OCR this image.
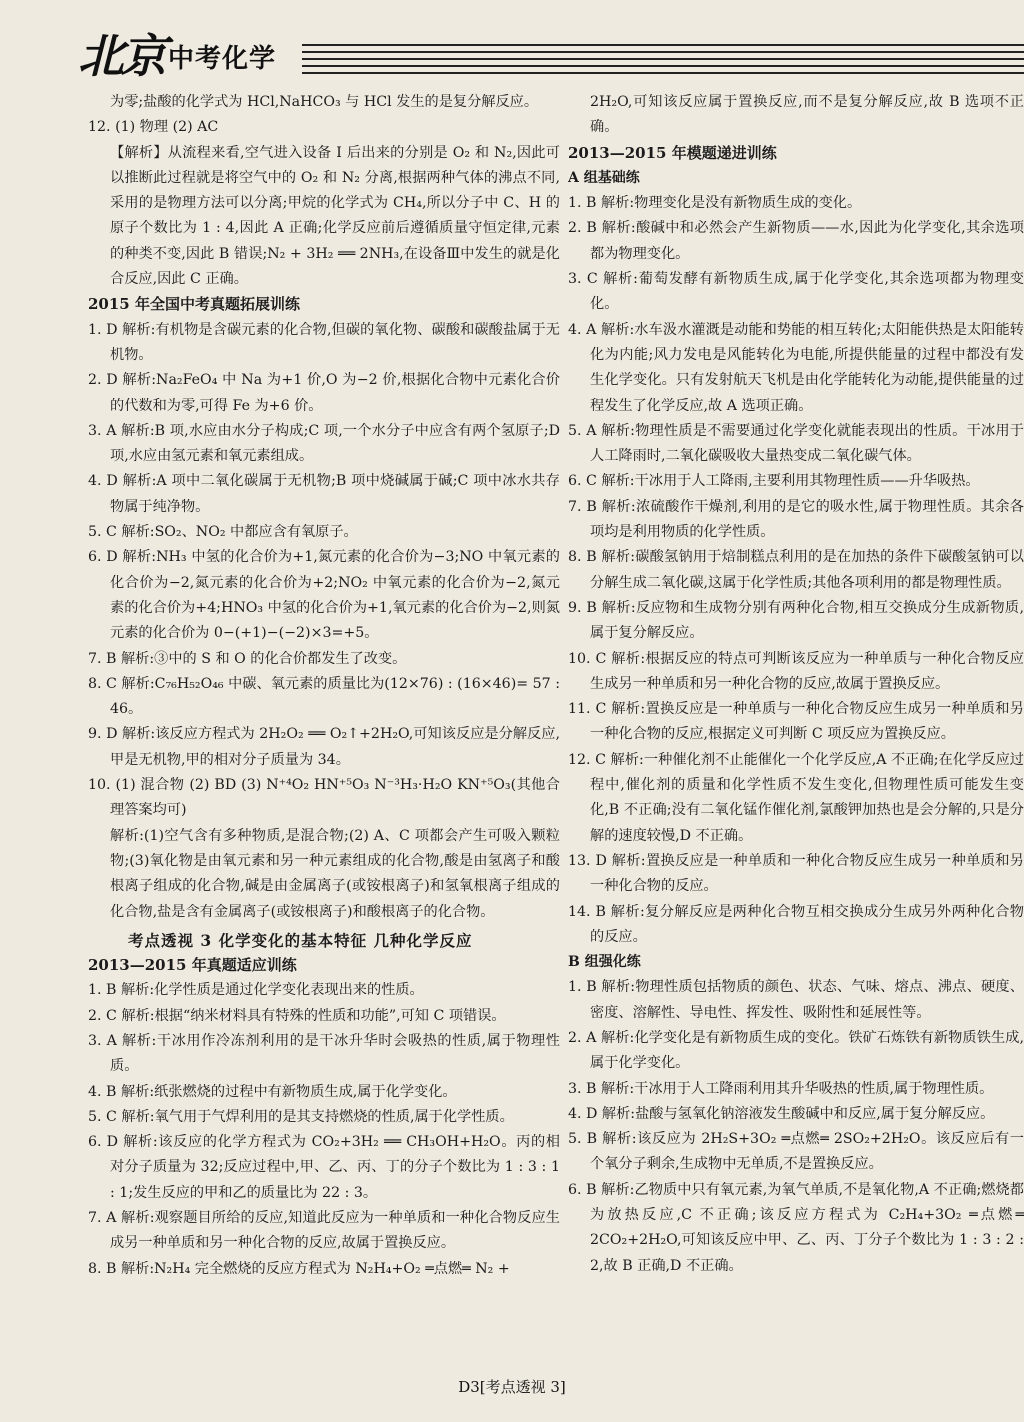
北京 中考化学
为零;盐酸的化学式为 HCl,NaHCO₃ 与 HCl 发生的是复分解反应。
12. (1) 物理 (2) AC
【解析】从流程来看,空气进入设备 Ⅰ 后出来的分别是 O₂ 和 N₂,因此可以推断此过程就是将空气中的 O₂ 和 N₂ 分离,根据两种气体的沸点不同,采用的是物理方法可以分离;甲烷的化学式为 CH₄,所以分子中 C、H 的原子个数比为 1 : 4,因此 A 正确;化学反应前后遵循质量守恒定律,元素的种类不变,因此 B 错误;N₂ + 3H₂ ══ 2NH₃,在设备Ⅲ中发生的就是化合反应,因此 C 正确。
2015 年全国中考真题拓展训练
1. D 解析:有机物是含碳元素的化合物,但碳的氧化物、碳酸和碳酸盐属于无机物。
2. D 解析:Na₂FeO₄ 中 Na 为+1 价,O 为−2 价,根据化合物中元素化合价的代数和为零,可得 Fe 为+6 价。
3. A 解析:B 项,水应由水分子构成;C 项,一个水分子中应含有两个氢原子;D 项,水应由氢元素和氧元素组成。
4. D 解析:A 项中二氧化碳属于无机物;B 项中烧碱属于碱;C 项中冰水共存物属于纯净物。
5. C 解析:SO₂、NO₂ 中都应含有氧原子。
6. D 解析:NH₃ 中氢的化合价为+1,氮元素的化合价为−3;NO 中氧元素的化合价为−2,氮元素的化合价为+2;NO₂ 中氧元素的化合价为−2,氮元素的化合价为+4;HNO₃ 中氢的化合价为+1,氧元素的化合价为−2,则氮元素的化合价为 0−(+1)−(−2)×3=+5。
7. B 解析:③中的 S 和 O 的化合价都发生了改变。
8. C 解析:C₇₆H₅₂O₄₆ 中碳、氧元素的质量比为(12×76) : (16×46)= 57 : 46。
9. D 解析:该反应方程式为 2H₂O₂ ══ O₂↑+2H₂O,可知该反应是分解反应,甲是无机物,甲的相对分子质量为 34。
10. (1) 混合物 (2) BD (3) N⁺⁴O₂ HN⁺⁵O₃ N⁻³H₃·H₂O KN⁺⁵O₃(其他合理答案均可)
解析:(1)空气含有多种物质,是混合物;(2) A、C 项都会产生可吸入颗粒物;(3)氧化物是由氧元素和另一种元素组成的化合物,酸是由氢离子和酸根离子组成的化合物,碱是由金属离子(或铵根离子)和氢氧根离子组成的化合物,盐是含有金属离子(或铵根离子)和酸根离子的化合物。
考点透视 3 化学变化的基本特征 几种化学反应
2013—2015 年真题适应训练
1. B 解析:化学性质是通过化学变化表现出来的性质。
2. C 解析:根据“纳米材料具有特殊的性质和功能”,可知 C 项错误。
3. A 解析:干冰用作冷冻剂利用的是干冰升华时会吸热的性质,属于物理性质。
4. B 解析:纸张燃烧的过程中有新物质生成,属于化学变化。
5. C 解析:氧气用于气焊利用的是其支持燃烧的性质,属于化学性质。
6. D 解析:该反应的化学方程式为 CO₂+3H₂ ══ CH₃OH+H₂O。丙的相对分子质量为 32;反应过程中,甲、乙、丙、丁的分子个数比为 1 : 3 : 1 : 1;发生反应的甲和乙的质量比为 22 : 3。
7. A 解析:观察题目所给的反应,知道此反应为一种单质和一种化合物反应生成另一种单质和另一种化合物的反应,故属于置换反应。
8. B 解析:N₂H₄ 完全燃烧的反应方程式为 N₂H₄+O₂ ═点燃═ N₂ +
2H₂O,可知该反应属于置换反应,而不是复分解反应,故 B 选项不正确。
2013—2015 年模题递进训练
A 组基础练
1. B 解析:物理变化是没有新物质生成的变化。
2. B 解析:酸碱中和必然会产生新物质——水,因此为化学变化,其余选项都为物理变化。
3. C 解析:葡萄发酵有新物质生成,属于化学变化,其余选项都为物理变化。
4. A 解析:水车汲水灌溉是动能和势能的相互转化;太阳能供热是太阳能转化为内能;风力发电是风能转化为电能,所提供能量的过程中都没有发生化学变化。只有发射航天飞机是由化学能转化为动能,提供能量的过程发生了化学反应,故 A 选项正确。
5. A 解析:物理性质是不需要通过化学变化就能表现出的性质。干冰用于人工降雨时,二氧化碳吸收大量热变成二氧化碳气体。
6. C 解析:干冰用于人工降雨,主要利用其物理性质——升华吸热。
7. B 解析:浓硫酸作干燥剂,利用的是它的吸水性,属于物理性质。其余各项均是利用物质的化学性质。
8. B 解析:碳酸氢钠用于焙制糕点利用的是在加热的条件下碳酸氢钠可以分解生成二氧化碳,这属于化学性质;其他各项利用的都是物理性质。
9. B 解析:反应物和生成物分别有两种化合物,相互交换成分生成新物质,属于复分解反应。
10. C 解析:根据反应的特点可判断该反应为一种单质与一种化合物反应生成另一种单质和另一种化合物的反应,故属于置换反应。
11. C 解析:置换反应是一种单质与一种化合物反应生成另一种单质和另一种化合物的反应,根据定义可判断 C 项反应为置换反应。
12. C 解析:一种催化剂不止能催化一个化学反应,A 不正确;在化学反应过程中,催化剂的质量和化学性质不发生变化,但物理性质可能发生变化,B 不正确;没有二氧化锰作催化剂,氯酸钾加热也是会分解的,只是分解的速度较慢,D 不正确。
13. D 解析:置换反应是一种单质和一种化合物反应生成另一种单质和另一种化合物的反应。
14. B 解析:复分解反应是两种化合物互相交换成分生成另外两种化合物的反应。
B 组强化练
1. B 解析:物理性质包括物质的颜色、状态、气味、熔点、沸点、硬度、密度、溶解性、导电性、挥发性、吸附性和延展性等。
2. A 解析:化学变化是有新物质生成的变化。铁矿石炼铁有新物质铁生成,属于化学变化。
3. B 解析:干冰用于人工降雨利用其升华吸热的性质,属于物理性质。
4. D 解析:盐酸与氢氧化钠溶液发生酸碱中和反应,属于复分解反应。
5. B 解析:该反应为 2H₂S+3O₂ ═点燃═ 2SO₂+2H₂O。该反应后有一个氧分子剩余,生成物中无单质,不是置换反应。
6. B 解析:乙物质中只有氧元素,为氧气单质,不是氧化物,A 不正确;燃烧都为放热反应,C 不正确;该反应方程式为 C₂H₄+3O₂ ═点燃═ 2CO₂+2H₂O,可知该反应中甲、乙、丙、丁分子个数比为 1 : 3 : 2 : 2,故 B 正确,D 不正确。
D3[考点透视 3]
